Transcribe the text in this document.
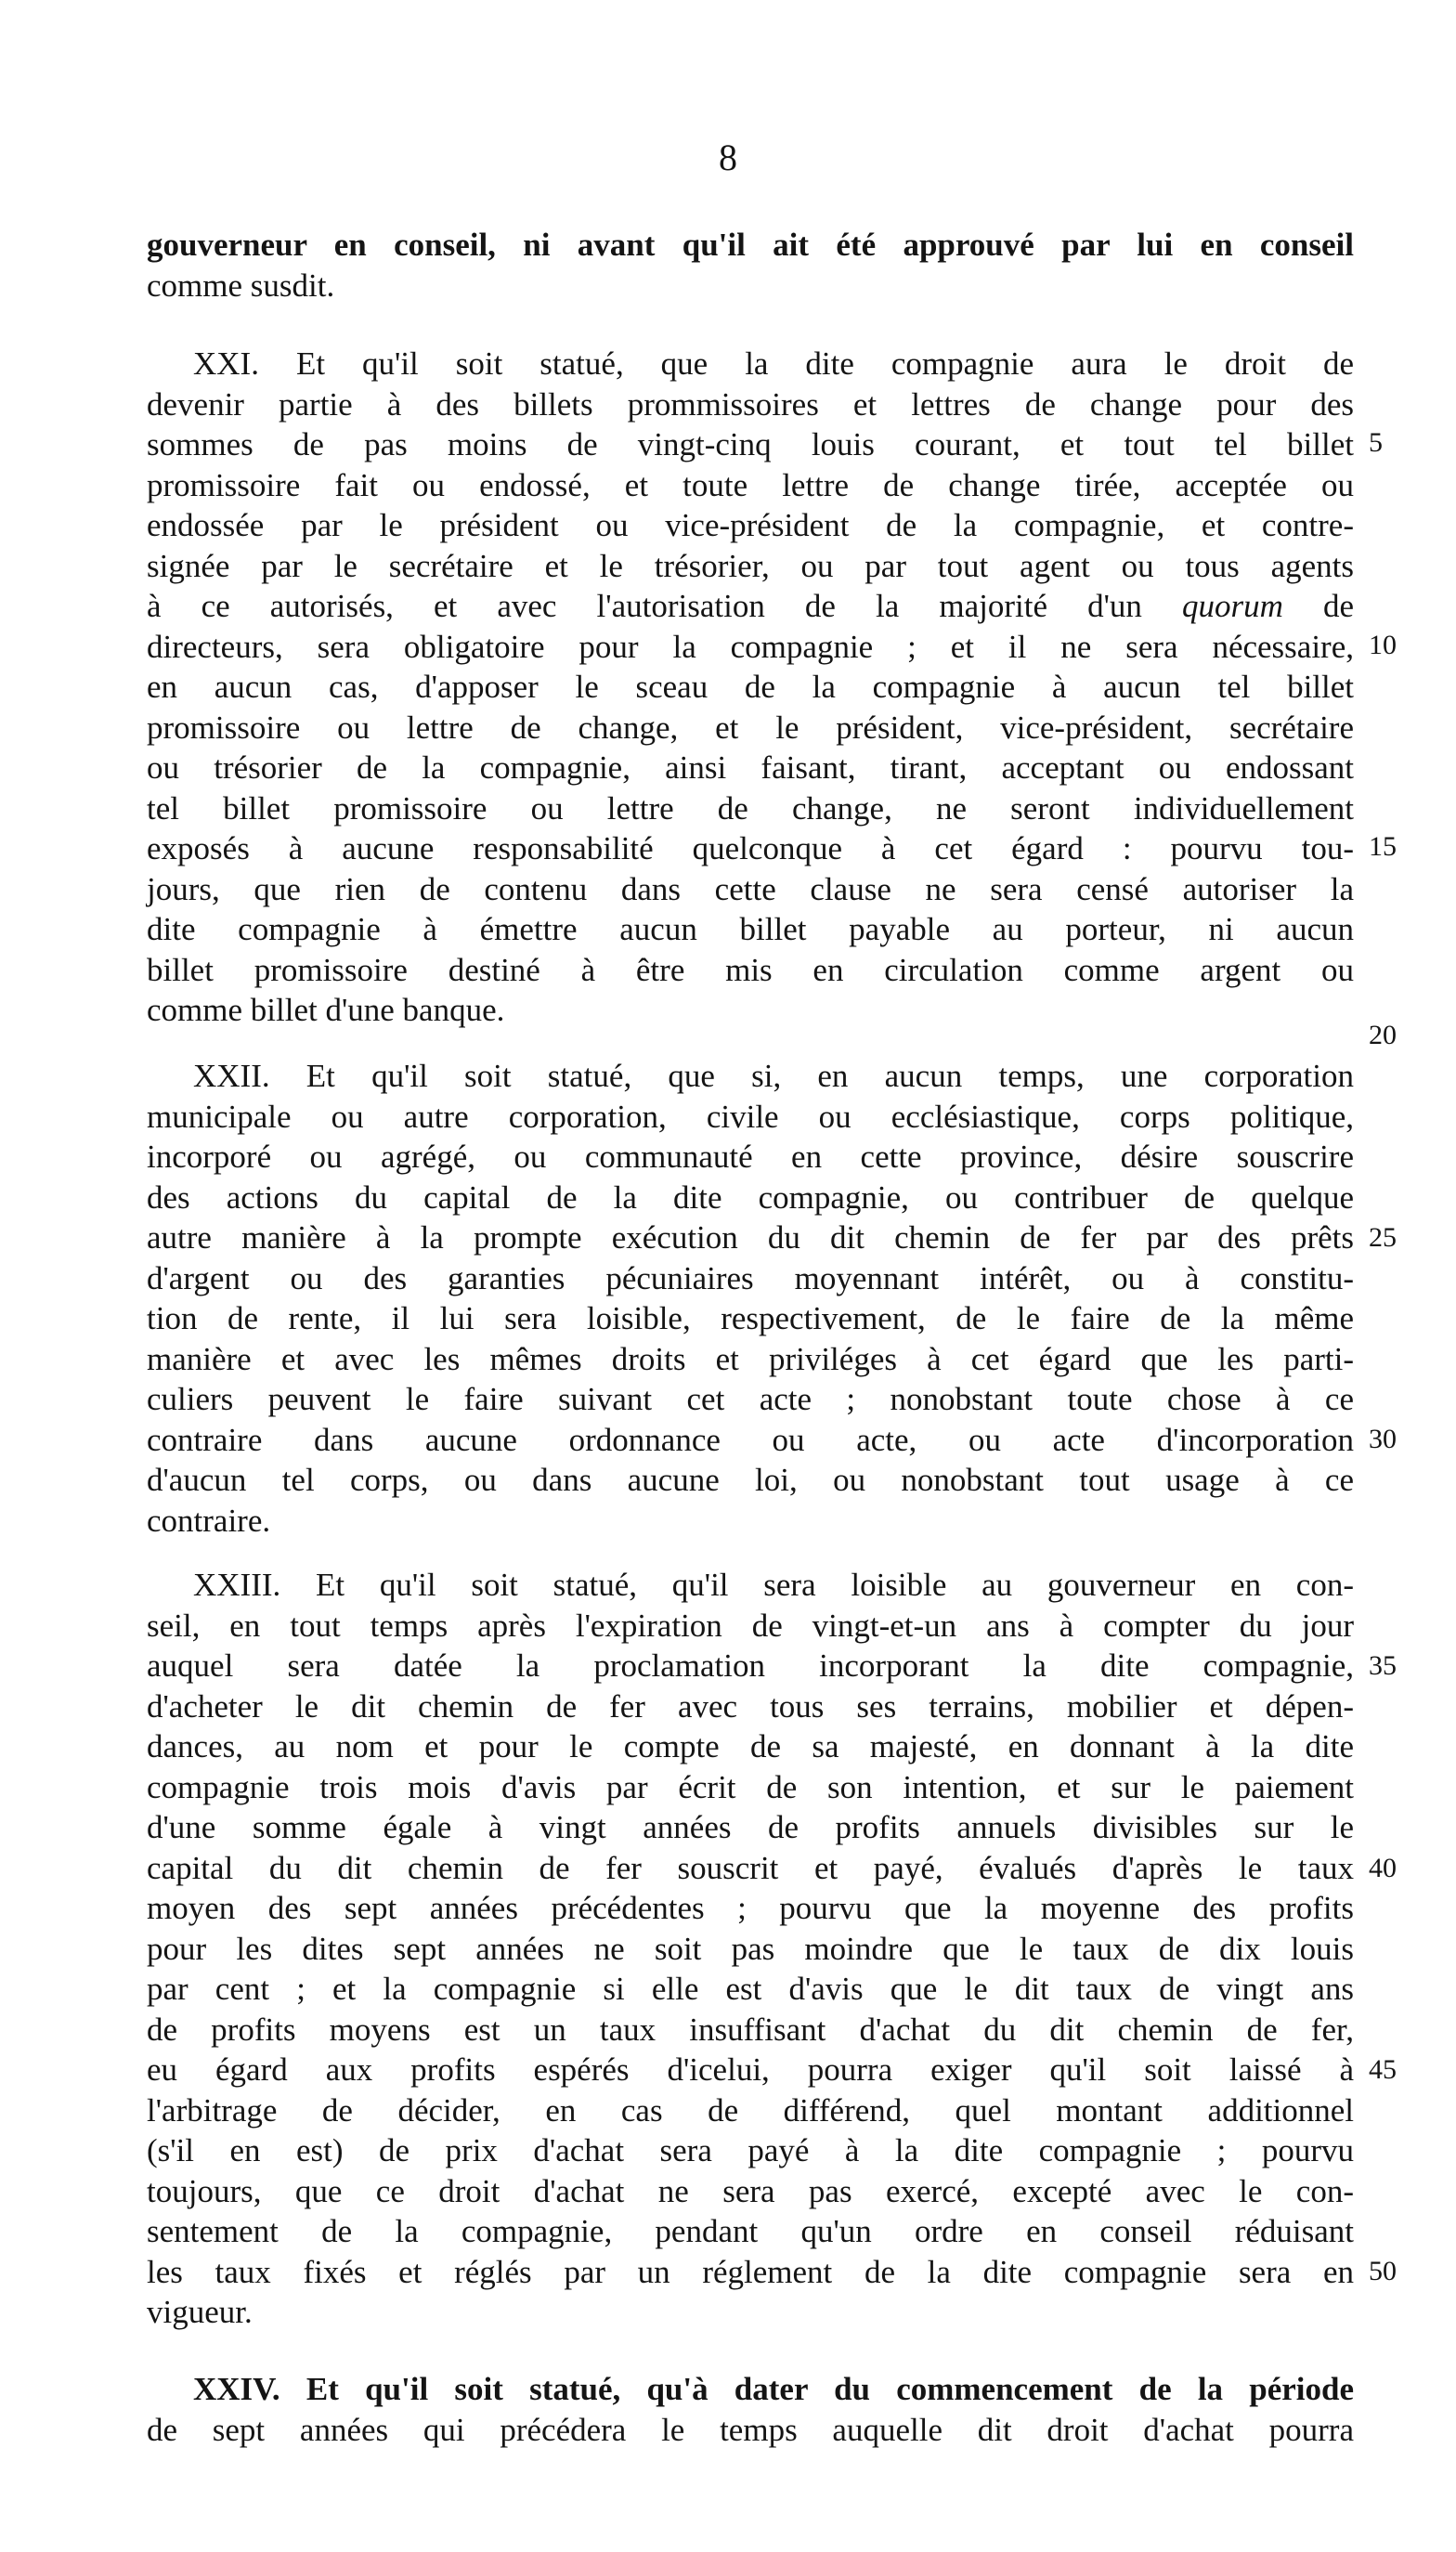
8
gouverneur en conseil, ni avant qu'il ait été approuvé par lui en conseil
comme susdit.
XXI. Et qu'il soit statué, que la dite compagnie aura le droit de
devenir partie à des billets prommissoires et lettres de change pour des
sommes de pas moins de vingt-cinq louis courant, et tout tel billet
promissoire fait ou endossé, et toute lettre de change tirée, acceptée ou
endossée par le président ou vice-président de la compagnie, et contre-
signée par le secrétaire et le trésorier, ou par tout agent ou tous agents
à ce autorisés, et avec l'autorisation de la majorité d'un quorum de
directeurs, sera obligatoire pour la compagnie ; et il ne sera nécessaire,
en aucun cas, d'apposer le sceau de la compagnie à aucun tel billet
promissoire ou lettre de change, et le président, vice-président, secrétaire
ou trésorier de la compagnie, ainsi faisant, tirant, acceptant ou endossant
tel billet promissoire ou lettre de change, ne seront individuellement
exposés à aucune responsabilité quelconque à cet égard : pourvu tou-
jours, que rien de contenu dans cette clause ne sera censé autoriser la
dite compagnie à émettre aucun billet payable au porteur, ni aucun
billet promissoire destiné à être mis en circulation comme argent ou
comme billet d'une banque.
XXII. Et qu'il soit statué, que si, en aucun temps, une corporation
municipale ou autre corporation, civile ou ecclésiastique, corps politique,
incorporé ou agrégé, ou communauté en cette province, désire souscrire
des actions du capital de la dite compagnie, ou contribuer de quelque
autre manière à la prompte exécution du dit chemin de fer par des prêts
d'argent ou des garanties pécuniaires moyennant intérêt, ou à constitu-
tion de rente, il lui sera loisible, respectivement, de le faire de la même
manière et avec les mêmes droits et priviléges à cet égard que les parti-
culiers peuvent le faire suivant cet acte ; nonobstant toute chose à ce
contraire dans aucune ordonnance ou acte, ou acte d'incorporation
d'aucun tel corps, ou dans aucune loi, ou nonobstant tout usage à ce
contraire.
XXIII. Et qu'il soit statué, qu'il sera loisible au gouverneur en con-
seil, en tout temps après l'expiration de vingt-et-un ans à compter du jour
auquel sera datée la proclamation incorporant la dite compagnie,
d'acheter le dit chemin de fer avec tous ses terrains, mobilier et dépen-
dances, au nom et pour le compte de sa majesté, en donnant à la dite
compagnie trois mois d'avis par écrit de son intention, et sur le paiement
d'une somme égale à vingt années de profits annuels divisibles sur le
capital du dit chemin de fer souscrit et payé, évalués d'après le taux
moyen des sept années précédentes ; pourvu que la moyenne des profits
pour les dites sept années ne soit pas moindre que le taux de dix louis
par cent ; et la compagnie si elle est d'avis que le dit taux de vingt ans
de profits moyens est un taux insuffisant d'achat du dit chemin de fer,
eu égard aux profits espérés d'icelui, pourra exiger qu'il soit laissé à
l'arbitrage de décider, en cas de différend, quel montant additionnel
(s'il en est) de prix d'achat sera payé à la dite compagnie ; pourvu
toujours, que ce droit d'achat ne sera pas exercé, excepté avec le con-
sentement de la compagnie, pendant qu'un ordre en conseil réduisant
les taux fixés et réglés par un réglement de la dite compagnie sera en
vigueur.
XXIV. Et qu'il soit statué, qu'à dater du commencement de la période
de sept années qui précédera le temps auquelle dit droit d'achat pourra
5
10
15
20
25
30
35
40
45
50
